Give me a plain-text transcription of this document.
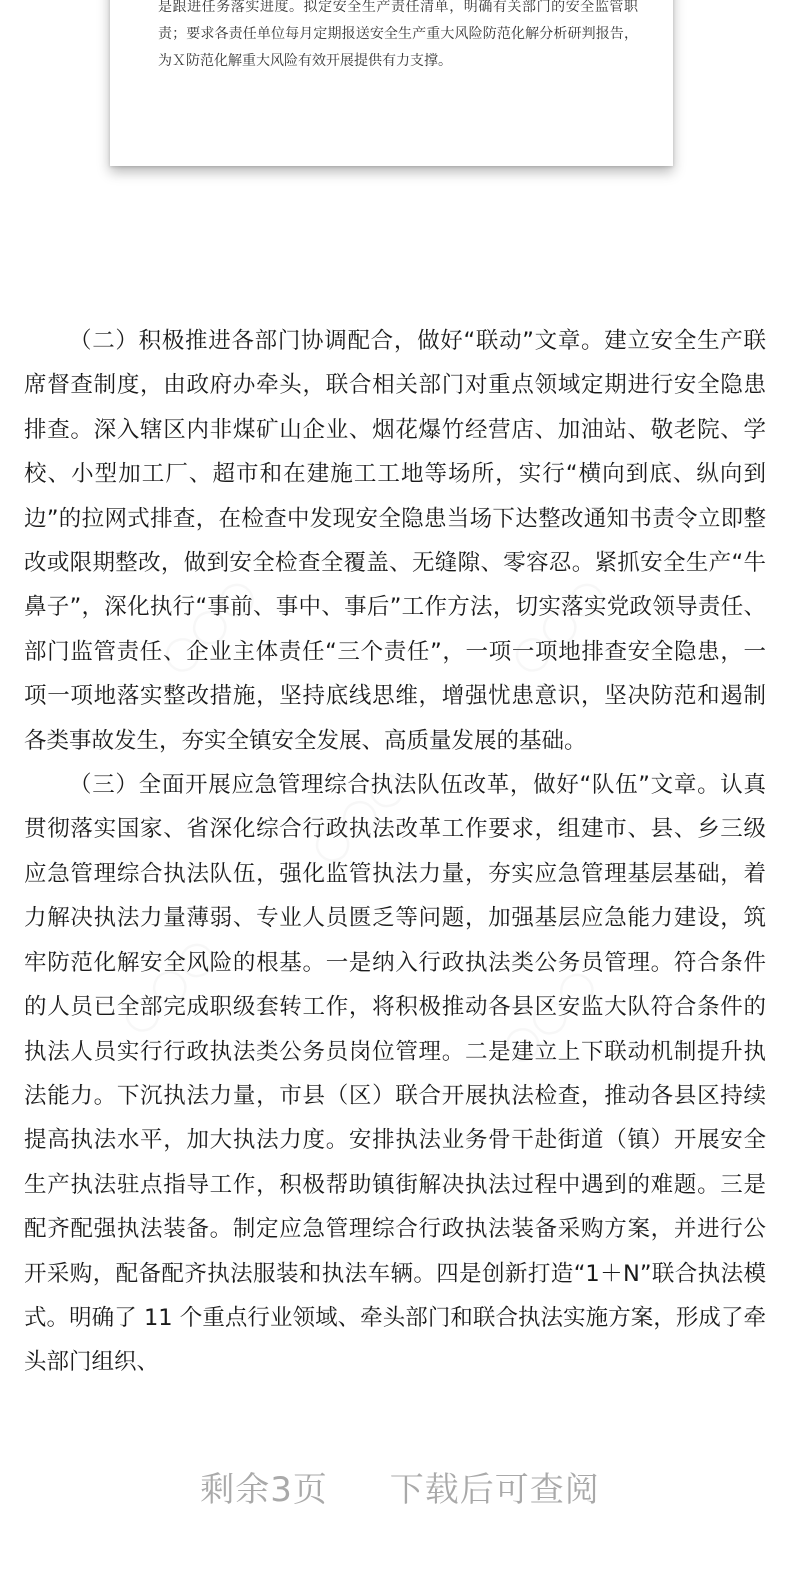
是跟进任务落实进度。拟定安全生产责任清单，明确有关部门的安全监管职责；要求各责任单位每月定期报送安全生产重大风险防范化解分析研判报告，为Ｘ防范化解重大风险有效开展提供有力支撑。

（二）积极推进各部门协调配合，做好“联动”文章。建立安全生产联席督查制度，由政府办牵头，联合相关部门对重点领域定期进行安全隐患排查。深入辖区内非煤矿山企业、烟花爆竹经营店、加油站、敬老院、学校、小型加工厂、超市和在建施工工地等场所，实行“横向到底、纵向到边”的拉网式排查，在检查中发现安全隐患当场下达整改通知书责令立即整改或限期整改，做到安全检查全覆盖、无缝隙、零容忍。紧抓安全生产“牛鼻子”，深化执行“事前、事中、事后”工作方法，切实落实党政领导责任、部门监管责任、企业主体责任“三个责任”，一项一项地排查安全隐患，一项一项地落实整改措施，坚持底线思维，增强忧患意识，坚决防范和遏制各类事故发生，夯实全镇安全发展、高质量发展的基础。

（三）全面开展应急管理综合执法队伍改革，做好“队伍”文章。认真贯彻落实国家、省深化综合行政执法改革工作要求，组建市、县、乡三级应急管理综合执法队伍，强化监管执法力量，夯实应急管理基层基础，着力解决执法力量薄弱、专业人员匮乏等问题，加强基层应急能力建设，筑牢防范化解安全风险的根基。一是纳入行政执法类公务员管理。符合条件的人员已全部完成职级套转工作，将积极推动各县区安监大队符合条件的执法人员实行行政执法类公务员岗位管理。二是建立上下联动机制提升执法能力。下沉执法力量，市县（区）联合开展执法检查，推动各县区持续提高执法水平，加大执法力度。安排执法业务骨干赴街道（镇）开展安全生产执法驻点指导工作，积极帮助镇街解决执法过程中遇到的难题。三是配齐配强执法装备。制定应急管理综合行政执法装备采购方案，并进行公开采购，配备配齐执法服装和执法车辆。四是创新打造“1＋N”联合执法模式。明确了 11 个重点行业领域、牵头部门和联合执法实施方案，形成了牵头部门组织、

○○○	○○○
○○○
○○○	○○○
剩余3页 下载后可查阅
